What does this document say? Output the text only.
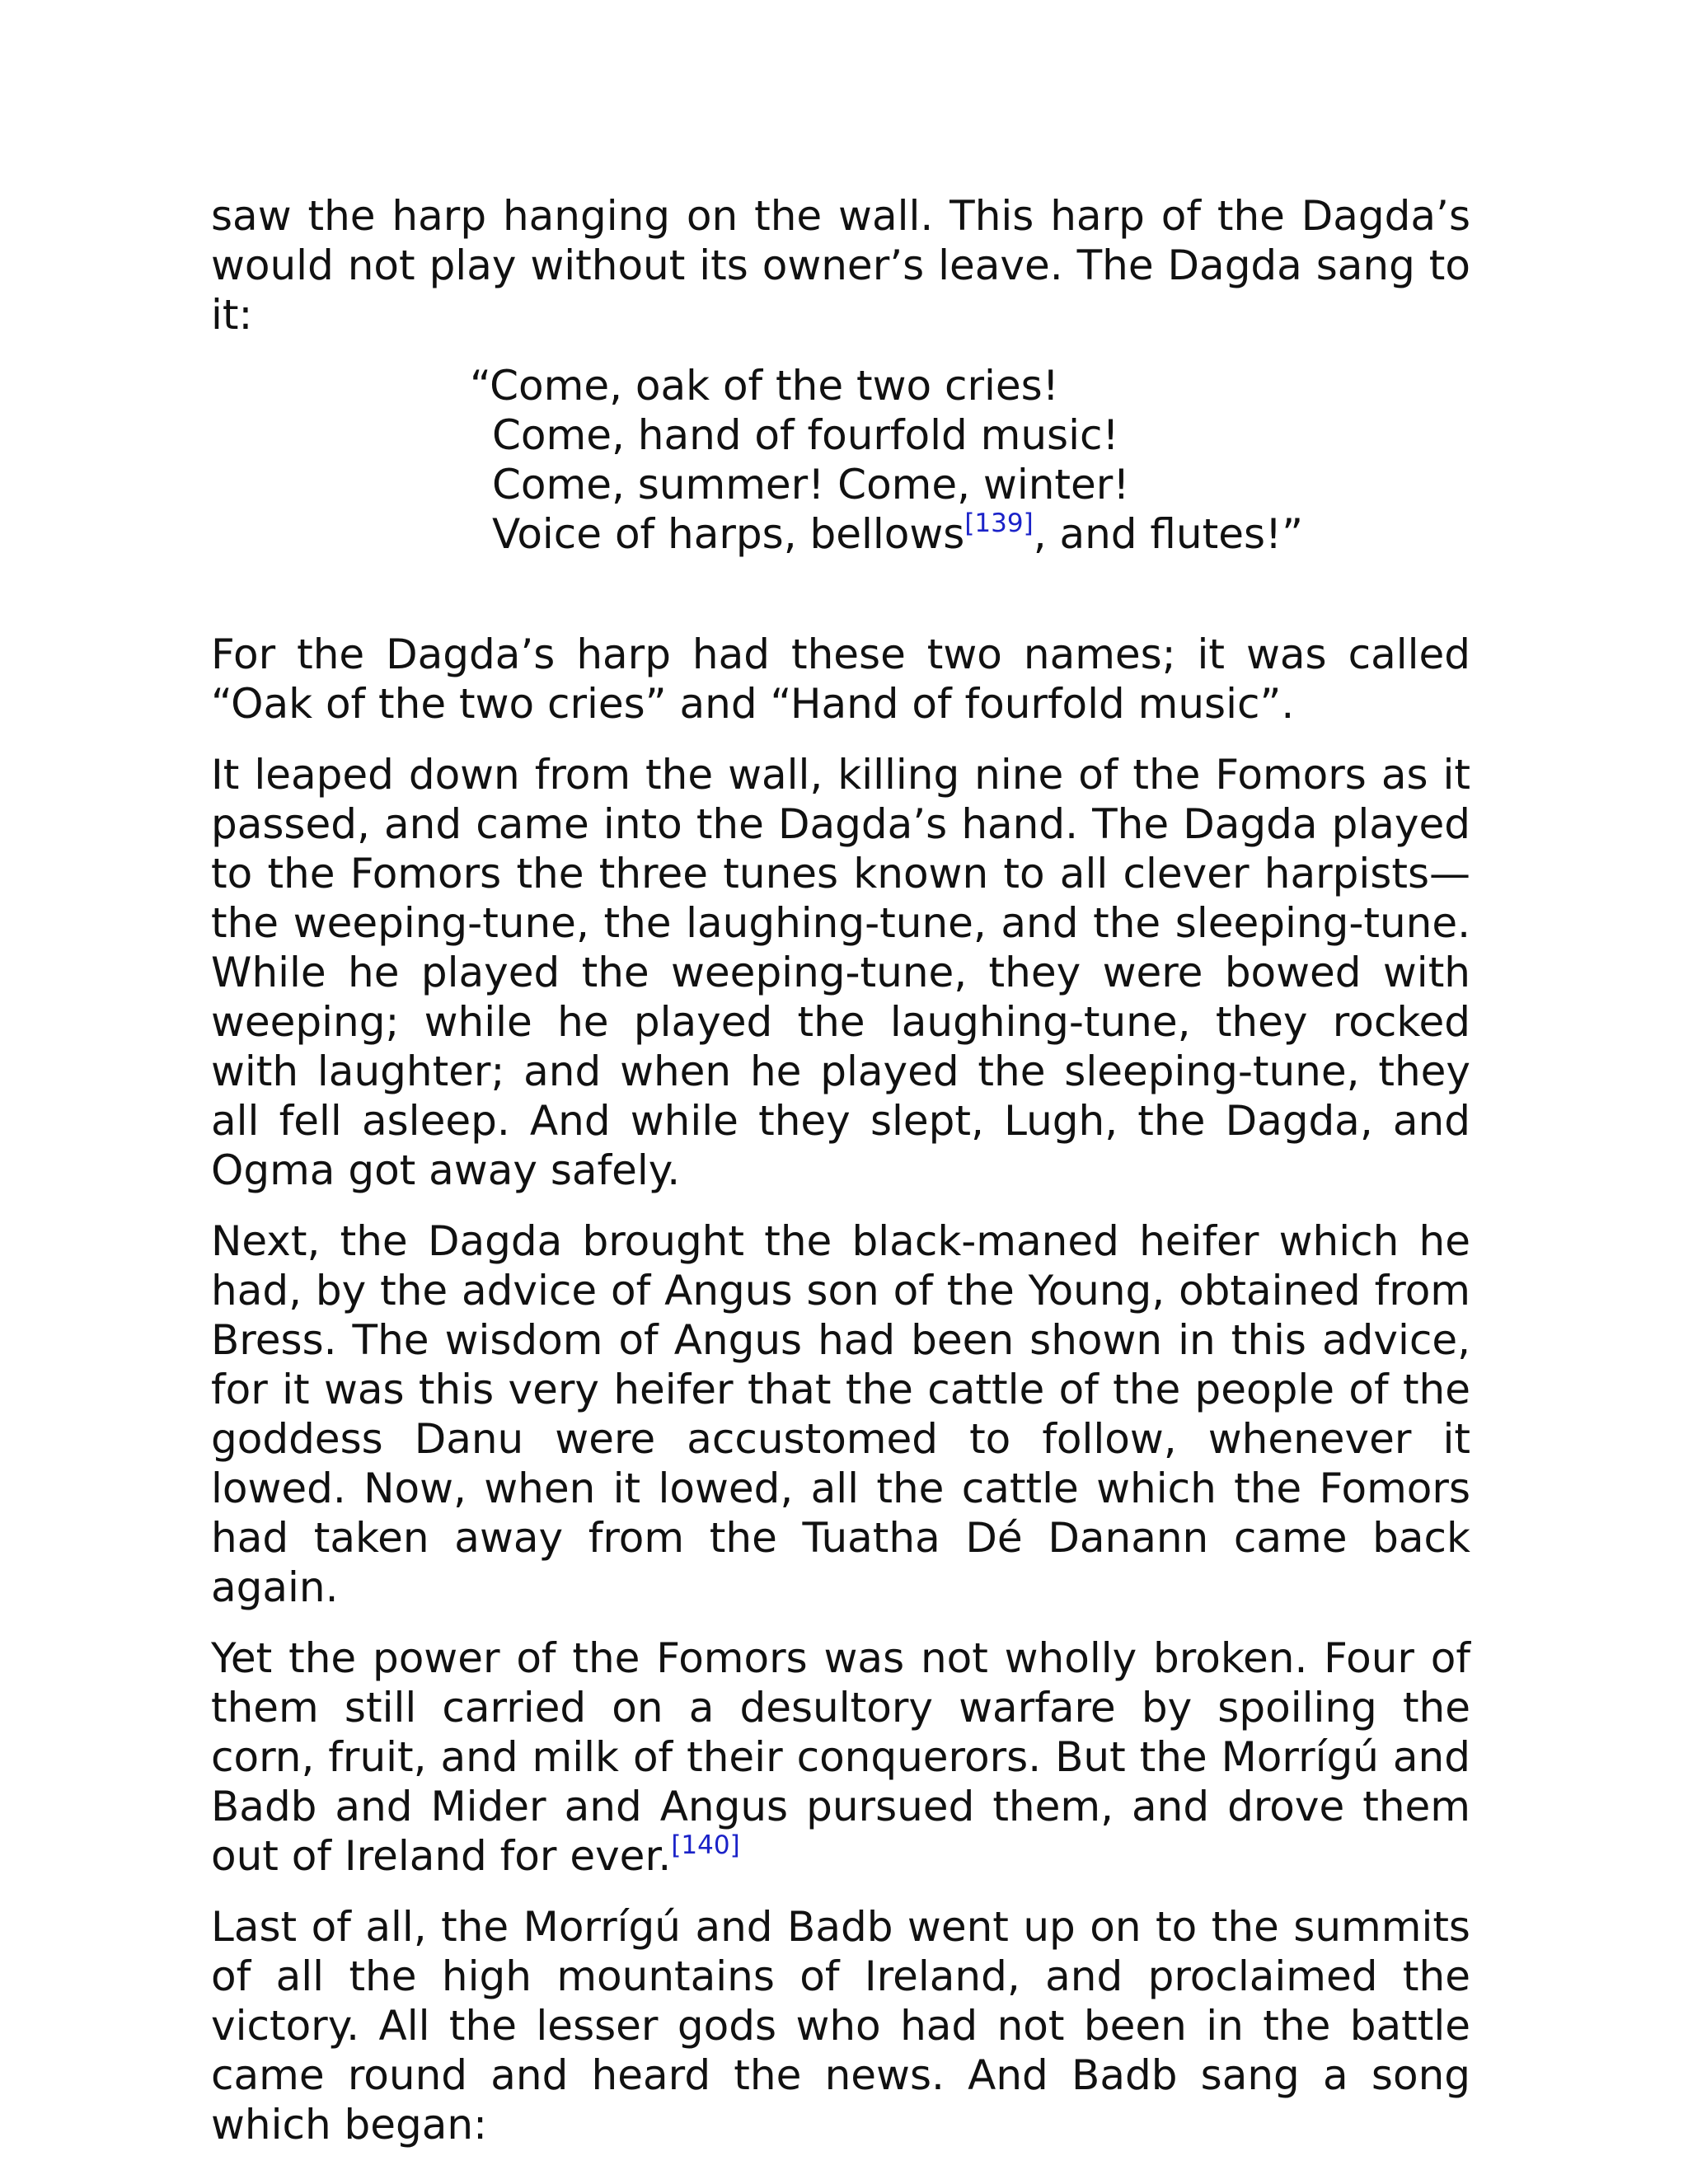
saw the harp hanging on the wall. This harp of the Dagda’s would not play without its owner’s leave. The Dagda sang to it:

“Come, oak of the two cries!
Come, hand of fourfold music!
Come, summer! Come, winter!
Voice of harps, bellows[139], and flutes!”

For the Dagda’s harp had these two names; it was called “Oak of the two cries” and “Hand of fourfold music”.

It leaped down from the wall, killing nine of the Fomors as it passed, and came into the Dagda’s hand. The Dagda played to the Fomors the three tunes known to all clever harpists—the weeping-tune, the laughing-tune, and the sleeping-tune. While he played the weeping-tune, they were bowed with weeping; while he played the laughing-tune, they rocked with laughter; and when he played the sleeping-tune, they all fell asleep. And while they slept, Lugh, the Dagda, and Ogma got away safely.

Next, the Dagda brought the black-maned heifer which he had, by the advice of Angus son of the Young, obtained from Bress. The wisdom of Angus had been shown in this advice, for it was this very heifer that the cattle of the people of the goddess Danu were accustomed to follow, whenever it lowed. Now, when it lowed, all the cattle which the Fomors had taken away from the Tuatha Dé Danann came back again.

Yet the power of the Fomors was not wholly broken. Four of them still carried on a desultory warfare by spoiling the corn, fruit, and milk of their conquerors. But the Morrígú and Badb and Mider and Angus pursued them, and drove them out of Ireland for ever.[140]

Last of all, the Morrígú and Badb went up on to the summits of all the high mountains of Ireland, and proclaimed the victory. All the lesser gods who had not been in the battle came round and heard the news. And Badb sang a song which began:
